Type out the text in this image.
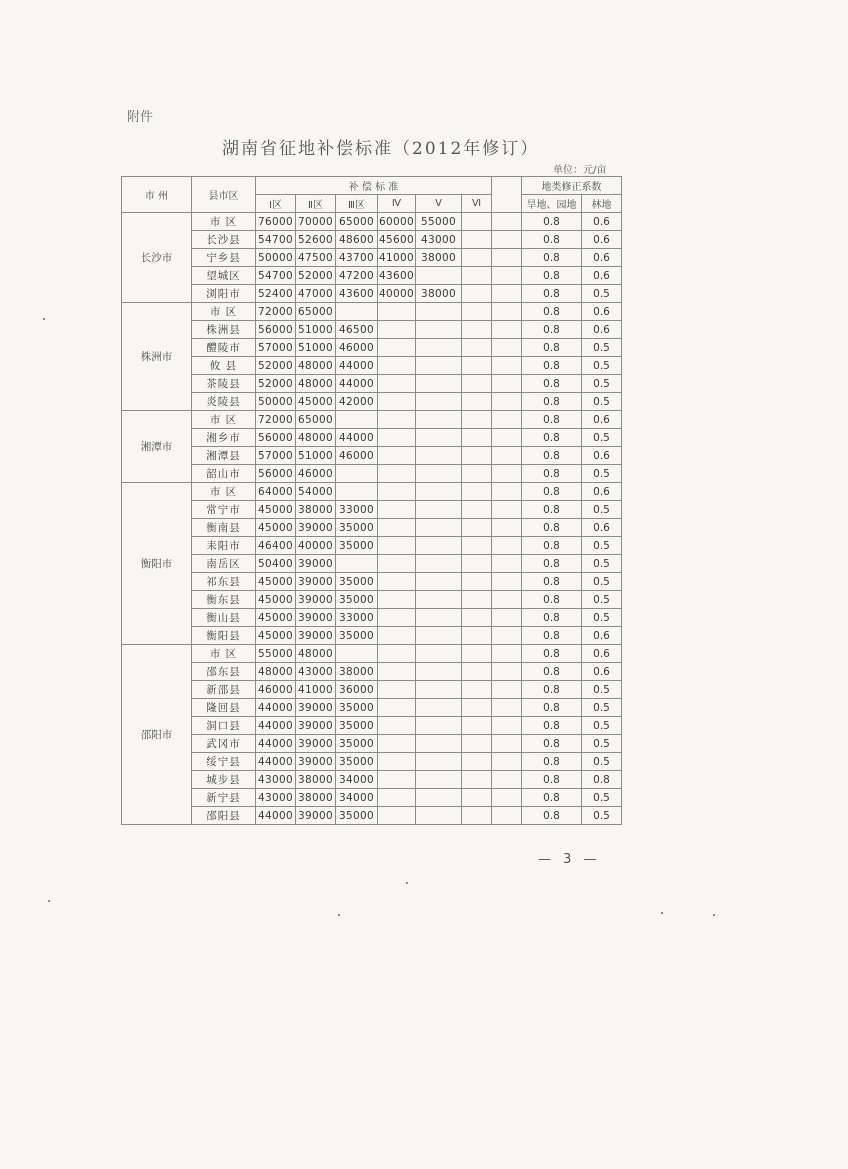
附件
湖南省征地补偿标准（2012年修订）
单位：元/亩
市 州	县市区	补 偿 标 准							地类修正系数	
		Ⅰ区	Ⅱ区	Ⅲ区	Ⅳ	Ⅴ	Ⅵ		旱地、园地	林地
长沙市	市 区	76000	70000	65000	60000	55000			0.8	0.6
	长沙县	54700	52600	48600	45600	43000			0.8	0.6
	宁乡县	50000	47500	43700	41000	38000			0.8	0.6
	望城区	54700	52000	47200	43600				0.8	0.6
	浏阳市	52400	47000	43600	40000	38000			0.8	0.5
株洲市	市 区	72000	65000						0.8	0.6
	株洲县	56000	51000	46500					0.8	0.6
	醴陵市	57000	51000	46000					0.8	0.5
	攸 县	52000	48000	44000					0.8	0.5
	茶陵县	52000	48000	44000					0.8	0.5
	炎陵县	50000	45000	42000					0.8	0.5
湘潭市	市 区	72000	65000						0.8	0.6
	湘乡市	56000	48000	44000					0.8	0.5
	湘潭县	57000	51000	46000					0.8	0.6
	韶山市	56000	46000						0.8	0.5
衡阳市	市 区	64000	54000						0.8	0.6
	常宁市	45000	38000	33000					0.8	0.5
	衡南县	45000	39000	35000					0.8	0.6
	耒阳市	46400	40000	35000					0.8	0.5
	南岳区	50400	39000						0.8	0.5
	祁东县	45000	39000	35000					0.8	0.5
	衡东县	45000	39000	35000					0.8	0.5
	衡山县	45000	39000	33000					0.8	0.5
	衡阳县	45000	39000	35000					0.8	0.6
邵阳市	市 区	55000	48000						0.8	0.6
	邵东县	48000	43000	38000					0.8	0.6
	新邵县	46000	41000	36000					0.8	0.5
	隆回县	44000	39000	35000					0.8	0.5
	洞口县	44000	39000	35000					0.8	0.5
	武冈市	44000	39000	35000					0.8	0.5
	绥宁县	44000	39000	35000					0.8	0.5
	城步县	43000	38000	34000					0.8	0.8
	新宁县	43000	38000	34000					0.8	0.5
	邵阳县	44000	39000	35000					0.8	0.5
— 3 —
